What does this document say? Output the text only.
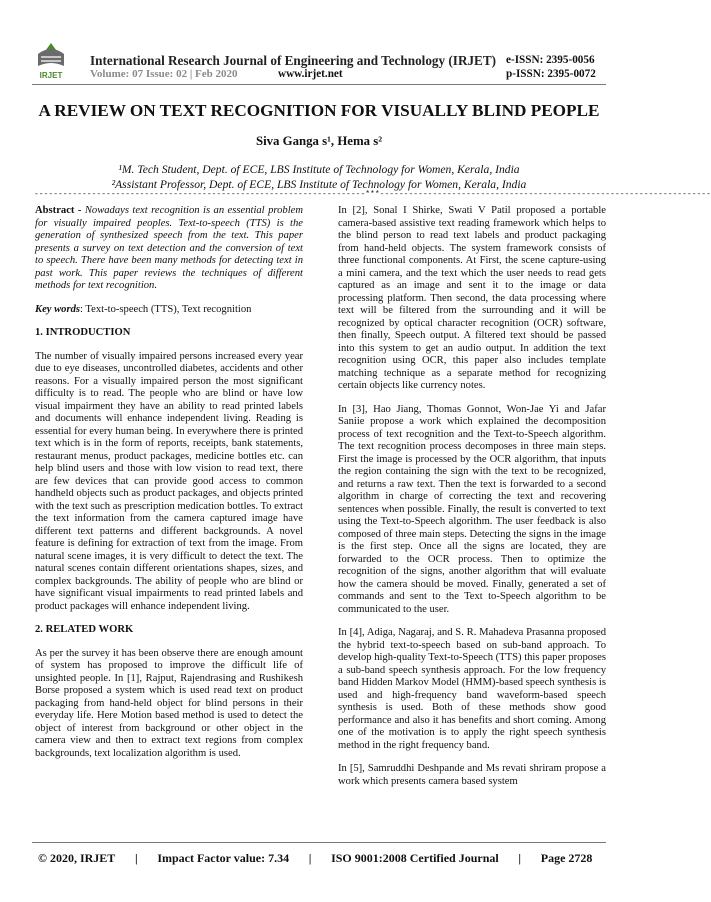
IRJET
International Research Journal of Engineering and Technology (IRJET) e-ISSN: 2395-0056
Volume: 07 Issue: 02 | Feb 2020	www.irjet.net	p-ISSN: 2395-0072
A REVIEW ON TEXT RECOGNITION FOR VISUALLY BLIND PEOPLE
Siva Ganga s¹, Hema s²
¹M. Tech Student, Dept. of ECE, LBS Institute of Technology for Women, Kerala, India
²Assistant Professor, Dept. of ECE, LBS Institute of Technology for Women, Kerala, India
---------------------------------------------------------------------***---------------------------------------------------------------------

Abstract - Nowadays text recognition is an essential problem for visually impaired peoples. Text-to-speech (TTS) is the generation of synthesized speech from the text. This paper presents a survey on text detection and the conversion of text to speech. There have been many methods for detecting text in past work. This paper reviews the techniques of different methods for text recognition.

Key words: Text-to-speech (TTS), Text recognition

1. INTRODUCTION

The number of visually impaired persons increased every year due to eye diseases, uncontrolled diabetes, accidents and other reasons. For a visually impaired person the most significant difficulty is to read. The people who are blind or have low visual impairment they have an ability to read printed labels and documents will enhance independent living. Reading is essential for every human being. In everywhere there is printed text which is in the form of reports, receipts, bank statements, restaurant menus, product packages, medicine bottles etc. can help blind users and those with low vision to read text, there are few devices that can provide good access to common handheld objects such as product packages, and objects printed with the text such as prescription medication bottles. To extract the text information from the camera captured image have different text patterns and different backgrounds. A novel feature is defining for extraction of text from the image. From natural scene images, it is very difficult to detect the text. The natural scenes contain different orientations shapes, sizes, and complex backgrounds. The ability of people who are blind or have significant visual impairments to read printed labels and product packages will enhance independent living.

2. RELATED WORK

As per the survey it has been observe there are enough amount of system has proposed to improve the difficult life of unsighted people. In [1], Rajput, Rajendrasing and Rushikesh Borse proposed a system which is used read text on product packaging from hand-held object for blind persons in their everyday life. Here Motion based method is used to detect the object of interest from background or other object in the camera view and then to extract text regions from complex backgrounds, text localization algorithm is used.

In [2], Sonal I Shirke, Swati V Patil proposed a portable camera-based assistive text reading framework which helps to the blind person to read text labels and product packaging from hand-held objects. The system framework consists of three functional components. At First, the scene capture-using a mini camera, and the text which the user needs to read gets captured as an image and sent it to the image or data processing platform. Then second, the data processing where text will be filtered from the surrounding and it will be recognized by optical character recognition (OCR) software, then finally, Speech output. A filtered text should be passed into this system to get an audio output. In addition the text recognition using OCR, this paper also includes template matching technique as a separate method for recognizing certain objects like currency notes.

In [3], Hao Jiang, Thomas Gonnot, Won-Jae Yi and Jafar Saniie propose a work which explained the decomposition process of text recognition and the Text-to-Speech algorithm. The text recognition process decomposes in three main steps. First the image is processed by the OCR algorithm, that inputs the region containing the sign with the text to be recognized, and returns a raw text. Then the text is forwarded to a second algorithm in charge of correcting the text and recovering sentences when possible. Finally, the result is converted to text using the Text-to-Speech algorithm. The user feedback is also composed of three main steps. Detecting the signs in the image is the first step. Once all the signs are located, they are forwarded to the OCR process. Then to optimize the recognition of the signs, another algorithm that will evaluate how the camera should be moved. Finally, generated a set of commands and sent to the Text to-Speech algorithm to be communicated to the user.

In [4], Adiga, Nagaraj, and S. R. Mahadeva Prasanna proposed the hybrid text-to-speech based on sub-band approach. To develop high-quality Text-to-Speech (TTS) this paper proposes a sub-band speech synthesis approach. For the low frequency band Hidden Markov Model (HMM)-based speech synthesis is used and high-frequency band waveform-based speech synthesis is used. Both of these methods show good performance and also it has benefits and short coming. Among one of the motivation is to apply the right speech synthesis method in the right frequency band.

In [5], Samruddhi Deshpande and Ms revati shriram propose a work which presents camera based system

© 2020, IRJET | Impact Factor value: 7.34 | ISO 9001:2008 Certified Journal | Page 2728
